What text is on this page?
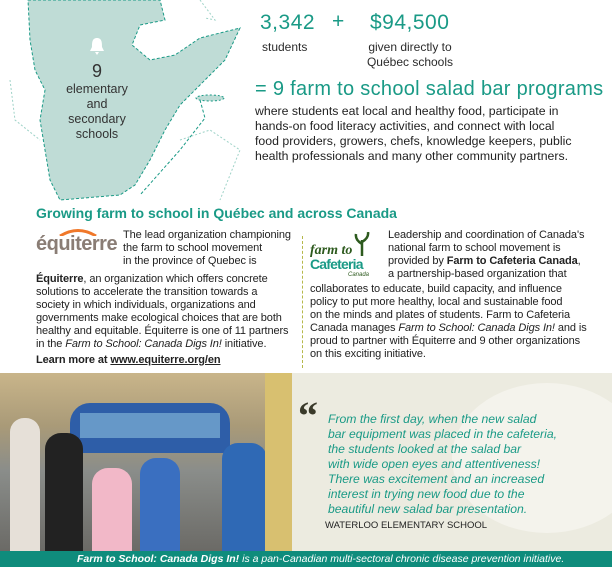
9
elementary
and
secondary
schools
3,342 + $94,500
students	given directly to
Québec schools
= 9 farm to school salad bar programs
where students eat local and healthy food, participate in
hands-on food literacy activities, and connect with local
food providers, growers, chefs, knowledge keepers, public
health professionals and many other community partners.
Growing farm to school in Québec and across Canada
équiterre The lead organization championing
the farm to school movement
in the province of Quebec is
Équiterre, an organization which offers concrete
solutions to accelerate the transition towards a
society in which individuals, organizations and
governments make ecological choices that are both
healthy and equitable. Équiterre is one of 11 partners
in the Farm to School: Canada Digs In! initiative.
Learn more at www.equiterre.org/en
farm to
Cafeteria
Canada
Leadership and coordination of Canada's
national farm to school movement is
provided by Farm to Cafeteria Canada,
a partnership-based organization that
collaborates to educate, build capacity, and influence
policy to put more healthy, local and sustainable food
on the minds and plates of students. Farm to Cafeteria
Canada manages Farm to School: Canada Digs In! and is
proud to partner with Équiterre and 9 other organizations
on this exciting initiative.
“ From the first day, when the new salad
bar equipment was placed in the cafeteria,
the students looked at the salad bar
with wide open eyes and attentiveness!
There was excitement and an increased
interest in trying new food due to the
beautiful new salad bar presentation.
WATERLOO ELEMENTARY SCHOOL
Farm to School: Canada Digs In! is a pan-Canadian multi-sectoral chronic disease prevention initiative.
